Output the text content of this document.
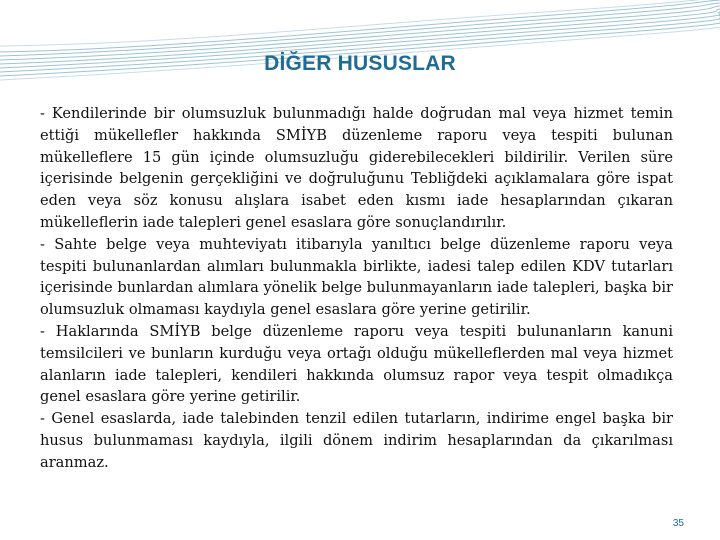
DİĞER HUSUSLAR

- Kendilerinde bir olumsuzluk bulunmadığı halde doğrudan mal veya hizmet temin ettiği mükellefler hakkında SMİYB düzenleme raporu veya tespiti bulunan mükelleflere 15 gün içinde olumsuzluğu giderebilecekleri bildirilir. Verilen süre içerisinde belgenin gerçekliğini ve doğruluğunu Tebliğdeki açıklamalara göre ispat eden veya söz konusu alışlara isabet eden kısmı iade hesaplarından çıkaran mükelleflerin iade talepleri genel esaslara göre sonuçlandırılır.

- Sahte belge veya muhteviyatı itibarıyla yanıltıcı belge düzenleme raporu veya tespiti bulunanlardan alımları bulunmakla birlikte, iadesi talep edilen KDV tutarları içerisinde bunlardan alımlara yönelik belge bulunmayanların iade talepleri, başka bir olumsuzluk olmaması kaydıyla genel esaslara göre yerine getirilir.

- Haklarında SMİYB belge düzenleme raporu veya tespiti bulunanların kanuni temsilcileri ve bunların kurduğu veya ortağı olduğu mükelleflerden mal veya hizmet alanların iade talepleri, kendileri hakkında olumsuz rapor veya tespit olmadıkça genel esaslara göre yerine getirilir.

- Genel esaslarda, iade talebinden tenzil edilen tutarların, indirime engel başka bir husus bulunmaması kaydıyla, ilgili dönem indirim hesaplarından da çıkarılması aranmaz.

35
